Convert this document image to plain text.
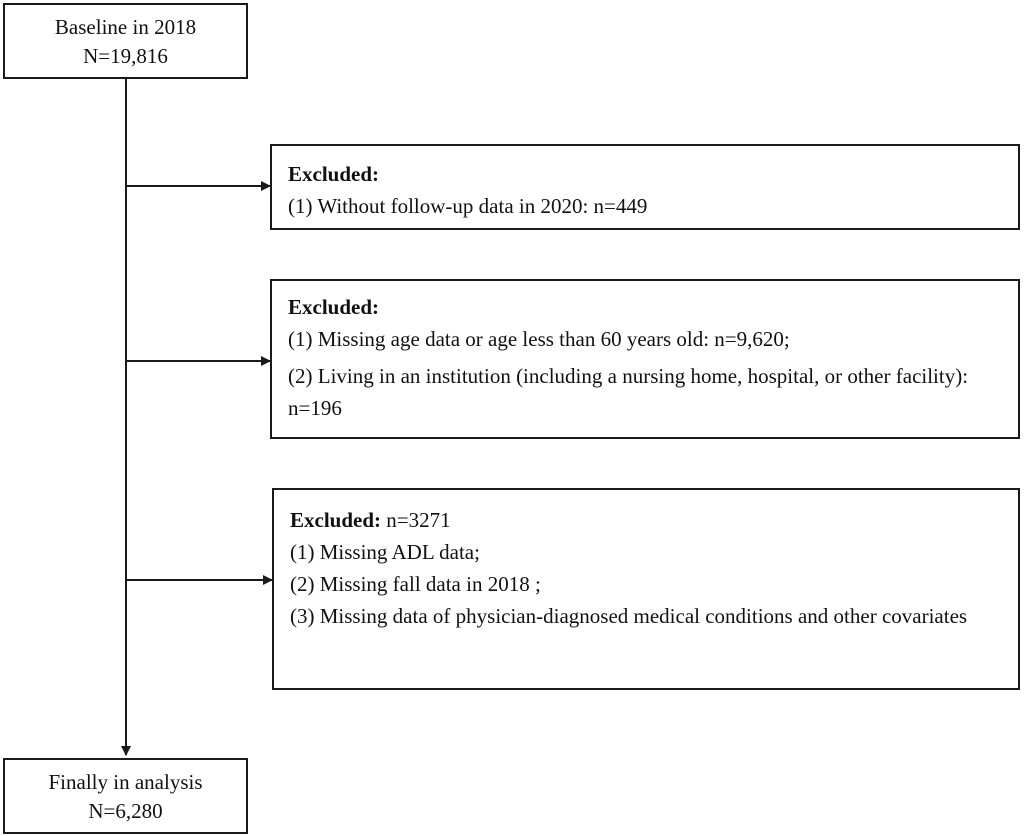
Baseline in 2018
N=19,816
Excluded:
(1) Without follow-up data in 2020: n=449
Excluded:
(1) Missing age data or age less than 60 years old: n=9,620;
(2) Living in an institution (including a nursing home, hospital, or other facility): n=196
Excluded: n=3271
(1) Missing ADL data;
(2) Missing fall data in 2018 ;
(3) Missing data of physician-diagnosed medical conditions and other covariates
Finally in analysis
N=6,280
